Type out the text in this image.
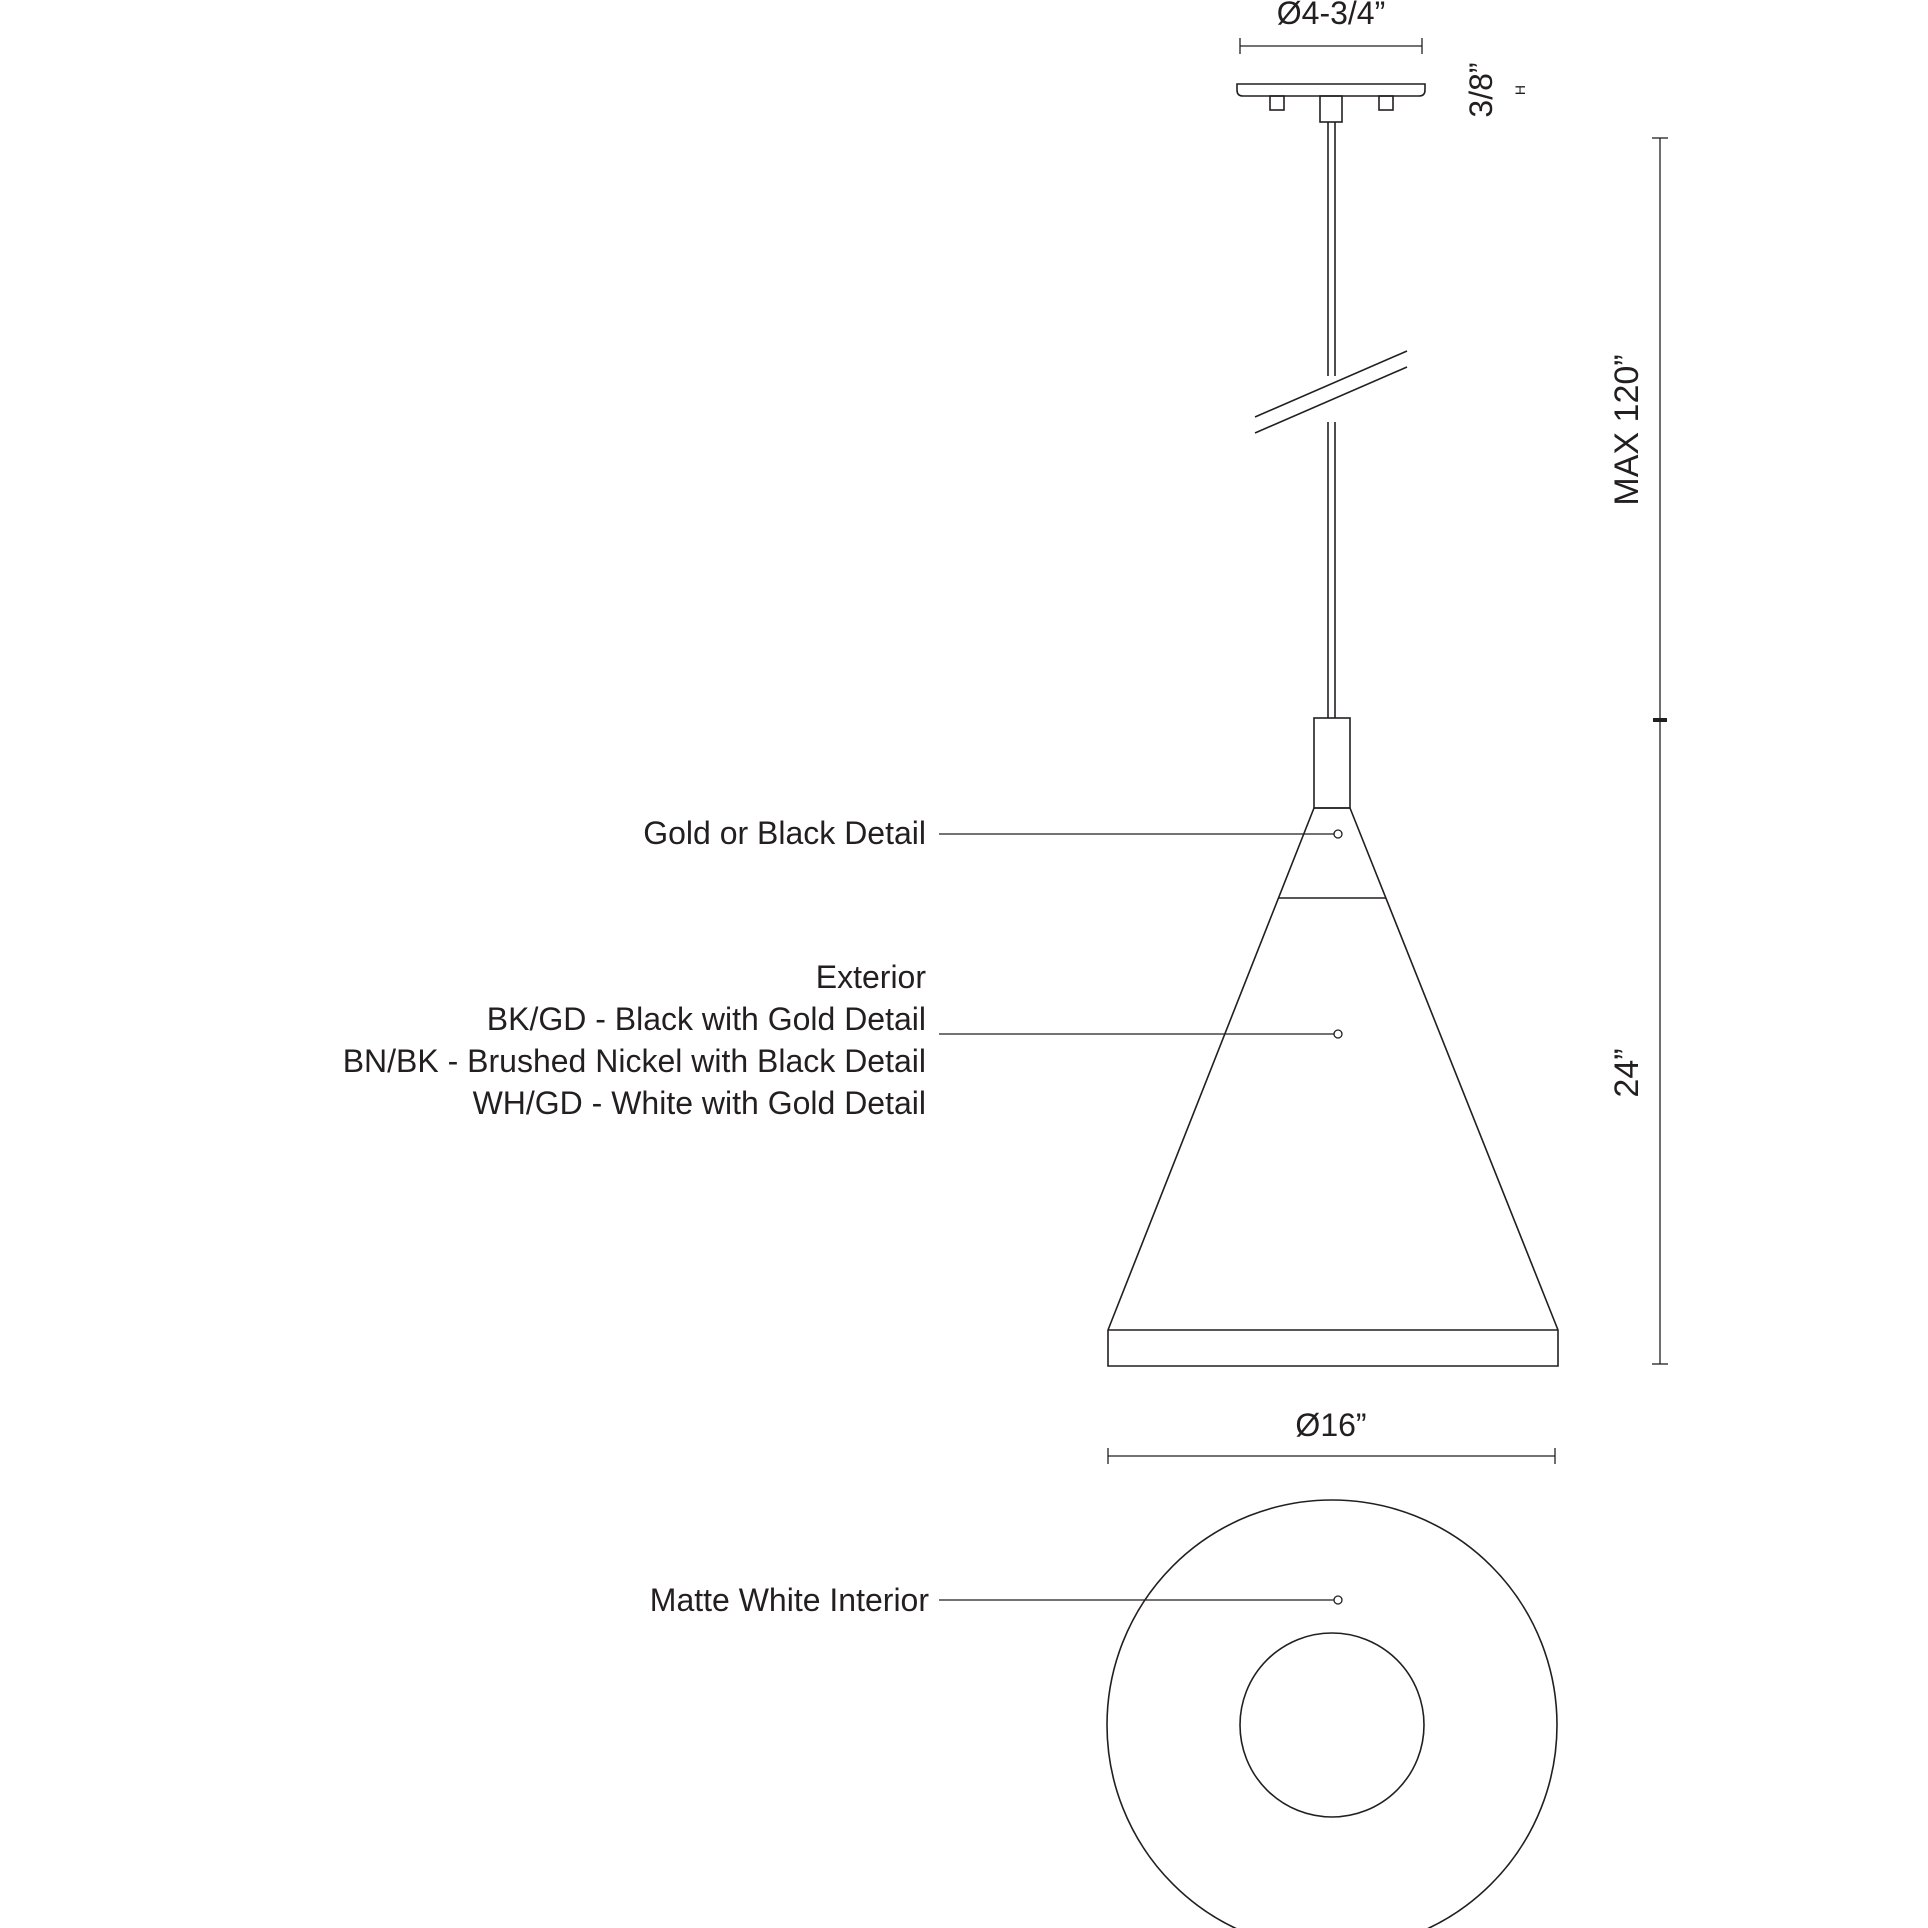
Ø4-3/4”
3/8” H
MAX 120”
24”
Gold or Black Detail
Exterior
BK/GD - Black with Gold Detail
BN/BK - Brushed Nickel with Black Detail
WH/GD - White with Gold Detail
Ø16”
Matte White Interior
